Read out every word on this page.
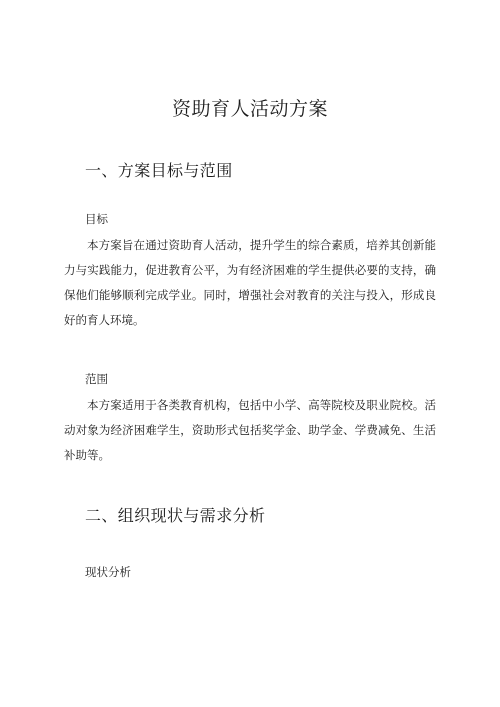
资助育人活动方案
一、方案目标与范围
目标

本方案旨在通过资助育人活动，提升学生的综合素质，培养其创新能力与实践能力，促进教育公平，为有经济困难的学生提供必要的支持，确保他们能够顺利完成学业。同时，增强社会对教育的关注与投入，形成良好的育人环境。

范围

本方案适用于各类教育机构，包括中小学、高等院校及职业院校。活动对象为经济困难学生，资助形式包括奖学金、助学金、学费减免、生活补助等。

二、组织现状与需求分析
现状分析
